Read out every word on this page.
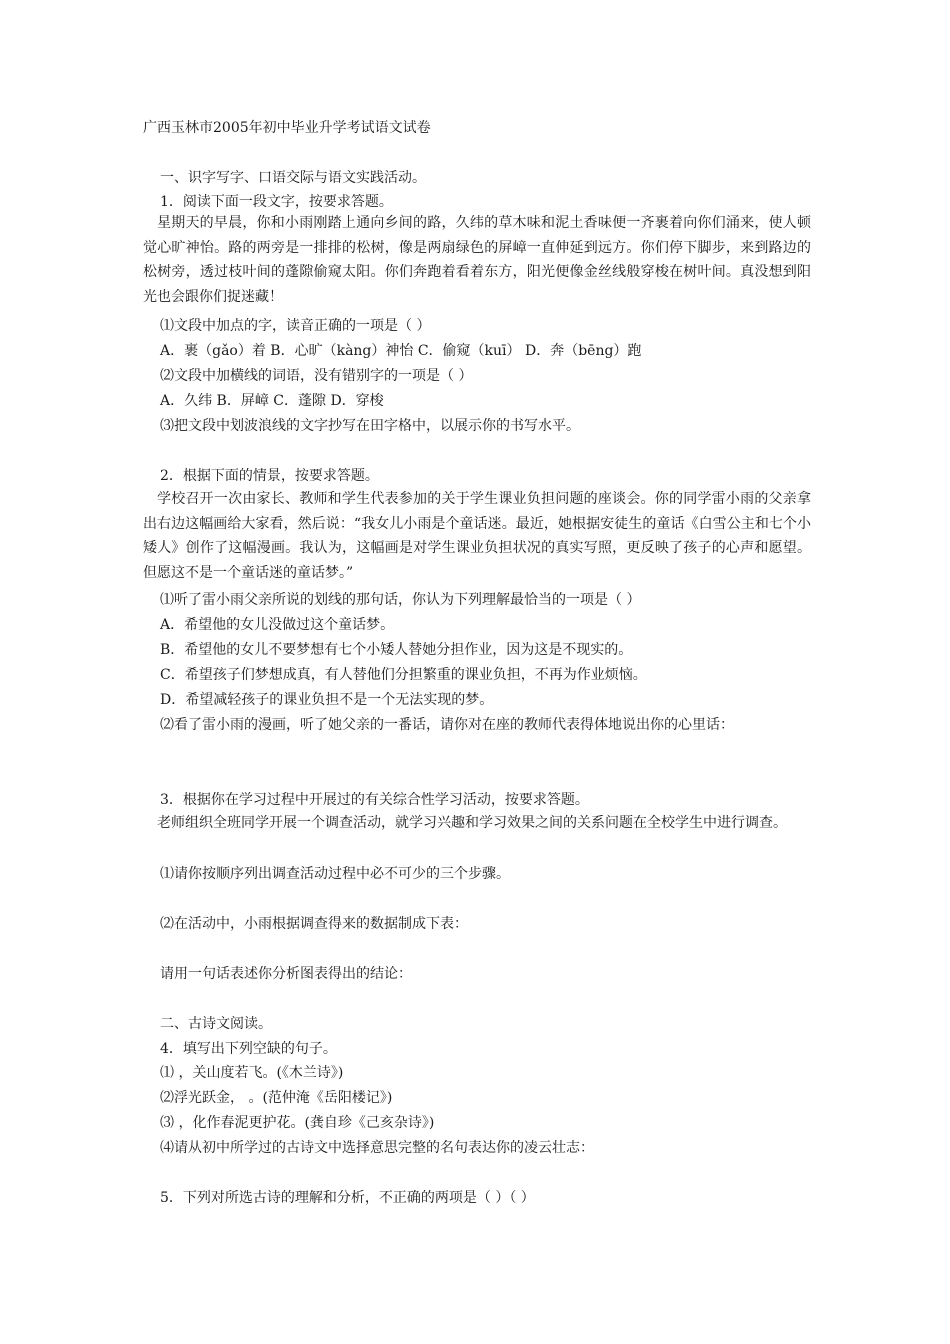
广西玉林市2005年初中毕业升学考试语文试卷
一、识字写字、口语交际与语文实践活动。
1．阅读下面一段文字，按要求答题。
星期天的早晨，你和小雨刚踏上通向乡间的路，久纬的草木味和泥土香味便一齐裹着向你们涌来，使人顿觉心旷神怡。路的两旁是一排排的松树，像是两扇绿色的屏嶂一直伸延到远方。你们停下脚步，来到路边的松树旁，透过枝叶间的蓬隙偷窥太阳。你们奔跑着看着东方，阳光便像金丝线般穿梭在树叶间。真没想到阳光也会跟你们捉迷藏！
⑴文段中加点的字，读音正确的一项是（ ）
A．裹（gǎo）着 B．心旷（kàng）神怡 C．偷窥（kuī） D．奔（bēng）跑
⑵文段中加横线的词语，没有错别字的一项是（ ）
A．久纬 B．屏嶂 C．蓬隙 D．穿梭
⑶把文段中划波浪线的文字抄写在田字格中，以展示你的书写水平。
2．根据下面的情景，按要求答题。
学校召开一次由家长、教师和学生代表参加的关于学生课业负担问题的座谈会。你的同学雷小雨的父亲拿出右边这幅画给大家看，然后说：“我女儿小雨是个童话迷。最近，她根据安徒生的童话《白雪公主和七个小矮人》创作了这幅漫画。我认为，这幅画是对学生课业负担状况的真实写照，更反映了孩子的心声和愿望。但愿这不是一个童话迷的童话梦。”
⑴听了雷小雨父亲所说的划线的那句话，你认为下列理解最恰当的一项是（ ）
A．希望他的女儿没做过这个童话梦。
B．希望他的女儿不要梦想有七个小矮人替她分担作业，因为这是不现实的。
C．希望孩子们梦想成真，有人替他们分担繁重的课业负担，不再为作业烦恼。
D．希望减轻孩子的课业负担不是一个无法实现的梦。
⑵看了雷小雨的漫画，听了她父亲的一番话，请你对在座的教师代表得体地说出你的心里话：
3．根据你在学习过程中开展过的有关综合性学习活动，按要求答题。
老师组织全班同学开展一个调查活动，就学习兴趣和学习效果之间的关系问题在全校学生中进行调查。
⑴请你按顺序列出调查活动过程中必不可少的三个步骤。
⑵在活动中，小雨根据调查得来的数据制成下表：
请用一句话表述你分析图表得出的结论：
二、古诗文阅读。
4．填写出下列空缺的句子。
⑴ ，关山度若飞。(《木兰诗》)
⑵浮光跃金， 。(范仲淹《岳阳楼记》)
⑶ ，化作春泥更护花。(龚自珍《己亥杂诗》)
⑷请从初中所学过的古诗文中选择意思完整的名句表达你的凌云壮志：
5．下列对所选古诗的理解和分析，不正确的两项是（ ）（ ）
